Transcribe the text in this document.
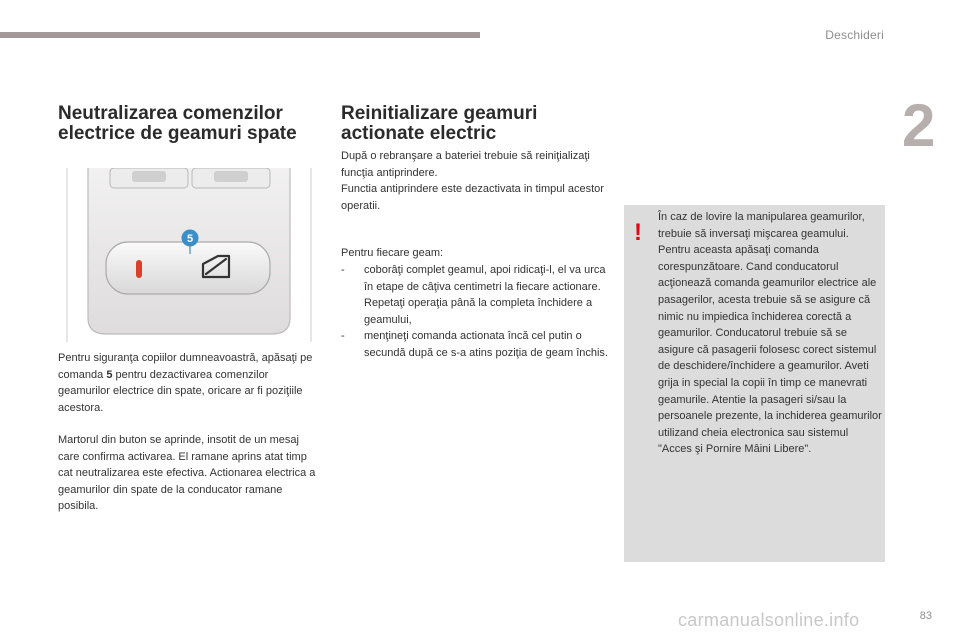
Deschideri
2
Neutralizarea comenzilor
electrice de geamuri spate
5

Pentru siguranţa copiilor dumneavoastră, apăsaţi pe comanda 5 pentru dezactivarea comenzilor geamurilor electrice din spate, oricare ar fi poziţiile acestora.

Martorul din buton se aprinde, insotit de un mesaj care confirma activarea. El ramane aprins atat timp cat neutralizarea este efectiva. Actionarea electrica a geamurilor din spate de la conducator ramane posibila.

Reinitializare geamuri
actionate electric

După o rebranşare a bateriei trebuie să reiniţializaţi funcţia antiprindere.
Functia antiprindere este dezactivata in timpul acestor operatii.

Pentru fiecare geam:

- coborâţi complet geamul, apoi ridicaţi-l, el va urca în etape de câţiva centimetri la fiecare actionare. Repetaţi operaţia până la completa închidere a geamului,
- menţineţi comanda actionata încă cel putin o secundă după ce s-a atins poziţia de geam închis.
!

În caz de lovire la manipularea geamurilor, trebuie să inversaţi mişcarea geamului. Pentru aceasta apăsaţi comanda corespunzătoare. Cand conducatorul acţionează comanda geamurilor electrice ale pasagerilor, acesta trebuie să se asigure că nimic nu impiedica închiderea corectă a geamurilor. Conducatorul trebuie să se asigure că pasagerii folosesc corect sistemul de deschidere/închidere a geamurilor. Aveti grija in special la copii în timp ce manevrati geamurile. Atentie la pasageri si/sau la persoanele prezente, la inchiderea geamurilor utilizand cheia electronica sau sistemul "Acces şi Pornire Mâini Libere".

carmanualsonline.info	83
